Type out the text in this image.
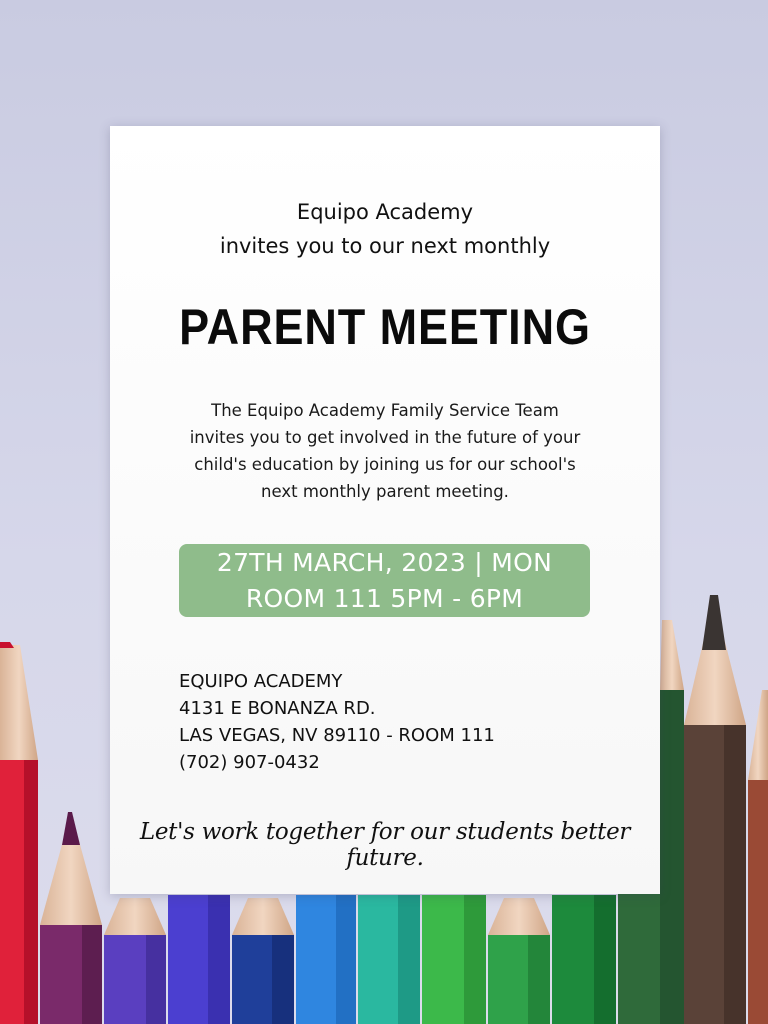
Equipo Academy
invites you to our next monthly
PARENT MEETING
The Equipo Academy Family Service Team
invites you to get involved in the future of your
child's education by joining us for our school's
next monthly parent meeting.
27TH MARCH, 2023 | MON
ROOM 111 5PM - 6PM
EQUIPO ACADEMY
4131 E BONANZA RD.
LAS VEGAS, NV 89110 - ROOM 111
(702) 907-0432
Let's work together for our students better future.
